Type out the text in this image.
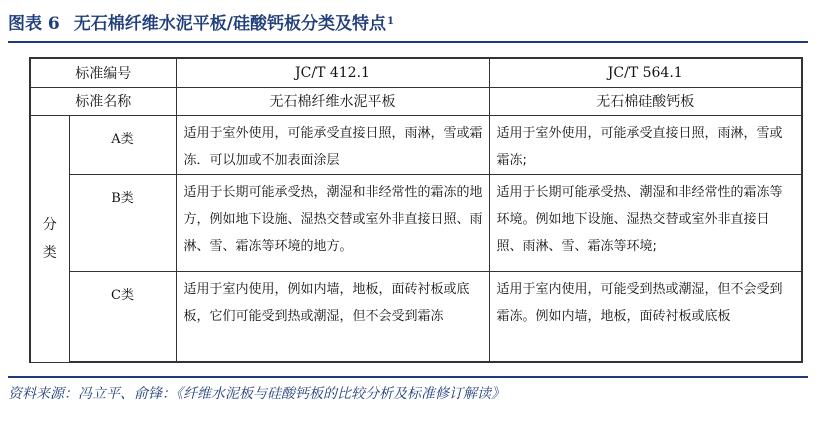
图表 6 无石棉纤维水泥平板/硅酸钙板分类及特点 1
标准编号		JC/T 412.1	JC/T 564.1
标准名称		无石棉纤维水泥平板	无石棉硅酸钙板

分
类	A类	适用于室外使用，可能承受直接日照，雨淋，雪或霜冻．可以加或不加表面涂层	适用于室外使用，可能承受直接日照，雨淋，雪或霜冻;
	B类	适用于长期可能承受热，潮湿和非经常性的霜冻的地方，例如地下设施、湿热交替或室外非直接日照、雨淋、雪、霜冻等环境的地方。	适用于长期可能承受热、潮湿和非经常性的霜冻等环境。例如地下设施、湿热交替或室外非直接日照、雨淋、雪、霜冻等环境;
	C类	适用于室内使用，例如内墙，地板，面砖衬板或底板，它们可能受到热或潮湿，但不会受到霜冻	适用于室内使用，可能受到热或潮湿，但不会受到霜冻。例如内墙，地板，面砖衬板或底板
资料来源：冯立平、俞锋：《纤维水泥板与硅酸钙板的比较分析及标准修订解读》
